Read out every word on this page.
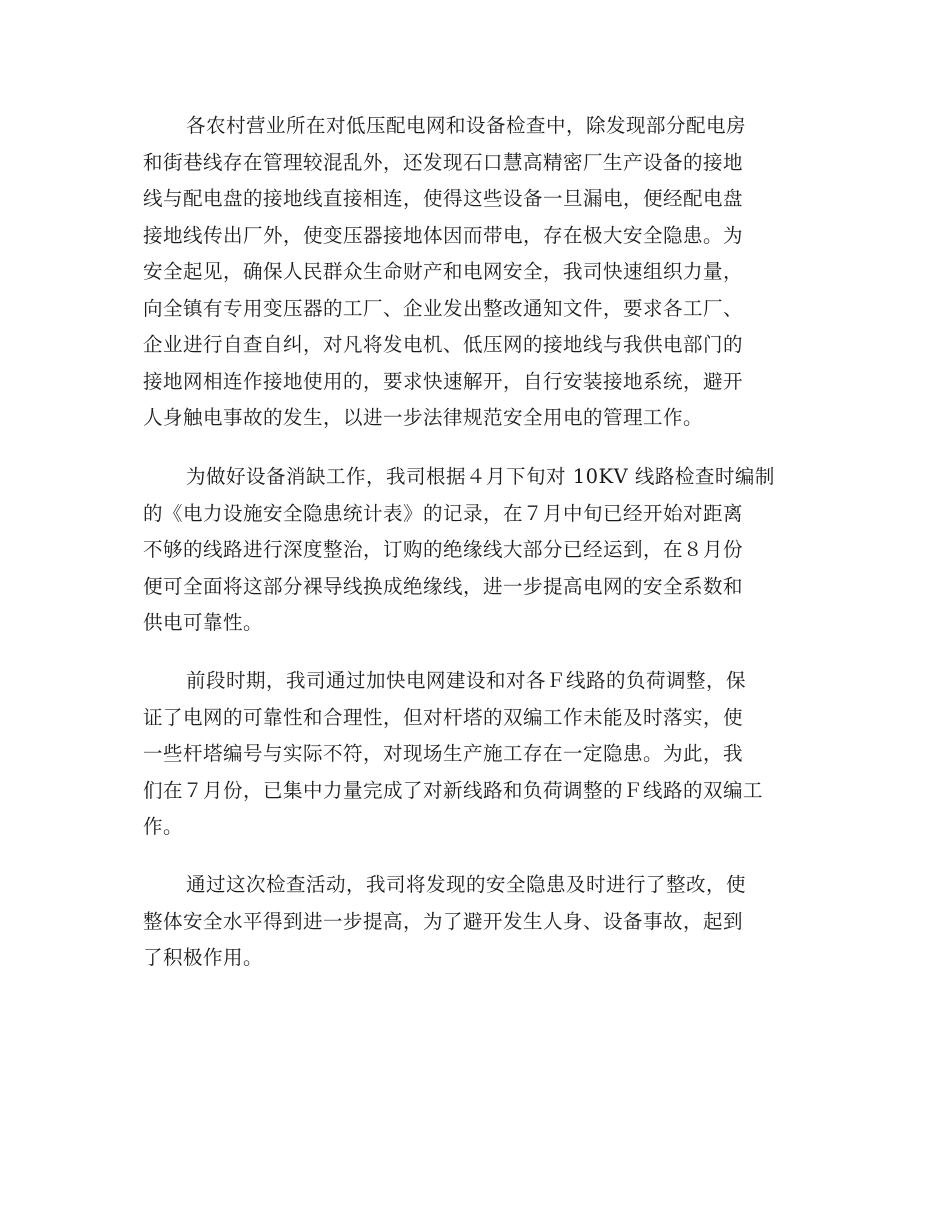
各农村营业所在对低压配电网和设备检查中，除发现部分配电房
和街巷线存在管理较混乱外，还发现石口慧高精密厂生产设备的接地
线与配电盘的接地线直接相连，使得这些设备一旦漏电，便经配电盘
接地线传出厂外，使变压器接地体因而带电，存在极大安全隐患。为
安全起见，确保人民群众生命财产和电网安全，我司快速组织力量，
向全镇有专用变压器的工厂、企业发出整改通知文件，要求各工厂、
企业进行自查自纠，对凡将发电机、低压网的接地线与我供电部门的
接地网相连作接地使用的，要求快速解开，自行安装接地系统，避开
人身触电事故的发生，以进一步法律规范安全用电的管理工作。
为做好设备消缺工作，我司根据４月下旬对 10KV 线路检查时编制
的《电力设施安全隐患统计表》的记录，在７月中旬已经开始对距离
不够的线路进行深度整治，订购的绝缘线大部分已经运到，在８月份
便可全面将这部分裸导线换成绝缘线，进一步提高电网的安全系数和
供电可靠性。
前段时期，我司通过加快电网建设和对各Ｆ线路的负荷调整，保
证了电网的可靠性和合理性，但对杆塔的双编工作未能及时落实，使
一些杆塔编号与实际不符，对现场生产施工存在一定隐患。为此，我
们在７月份，已集中力量完成了对新线路和负荷调整的Ｆ线路的双编工
作。
通过这次检查活动，我司将发现的安全隐患及时进行了整改，使
整体安全水平得到进一步提高，为了避开发生人身、设备事故，起到
了积极作用。
